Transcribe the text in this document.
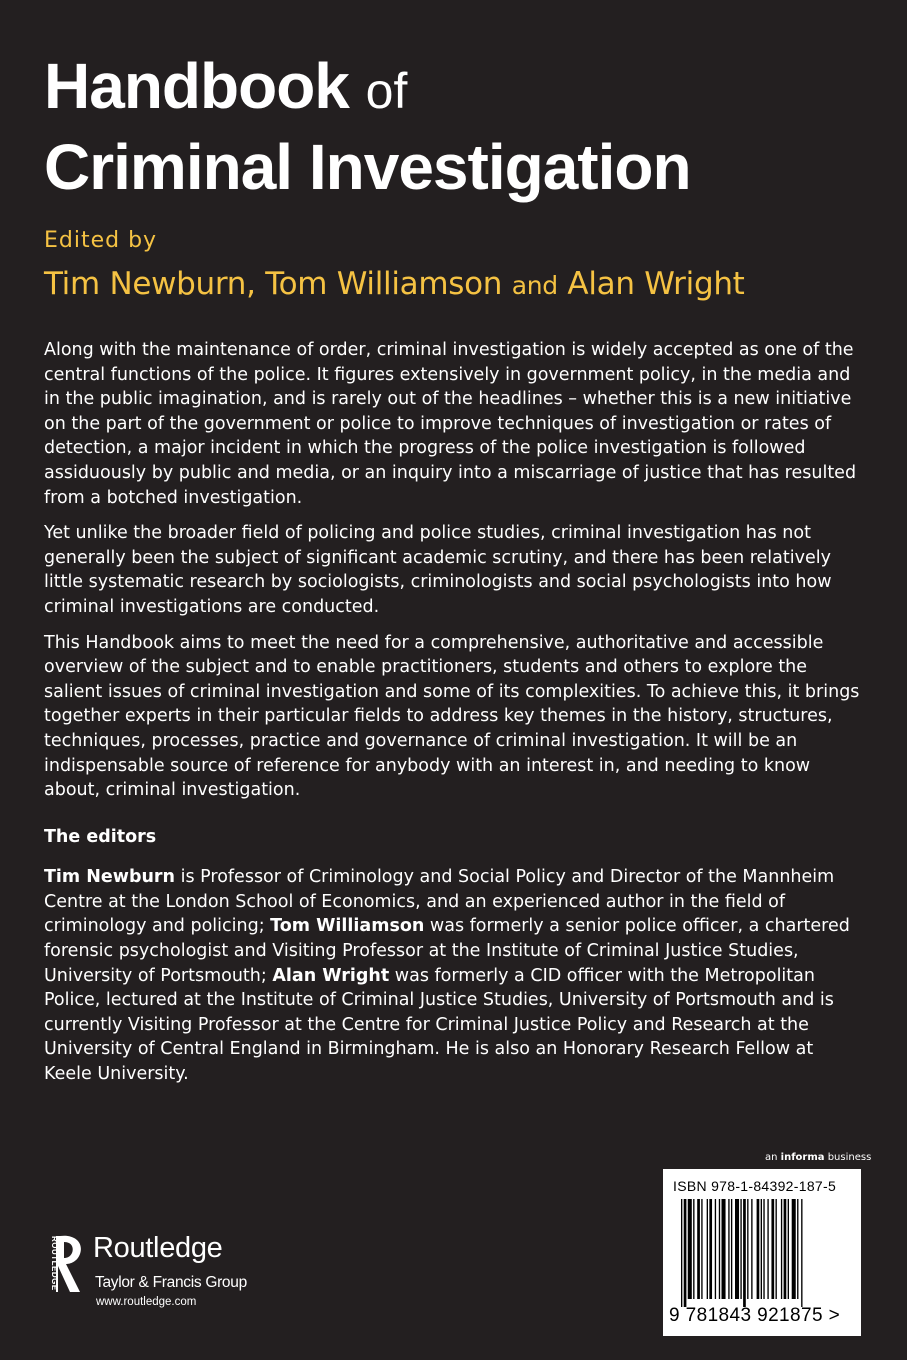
Handbook of
Criminal Investigation
Edited by
Tim Newburn, Tom Williamson and Alan Wright

Along with the maintenance of order, criminal investigation is widely accepted as one of the central functions of the police. It figures extensively in government policy, in the media and in the public imagination, and is rarely out of the headlines – whether this is a new initiative on the part of the government or police to improve techniques of investigation or rates of detection, a major incident in which the progress of the police investigation is followed assiduously by public and media, or an inquiry into a miscarriage of justice that has resulted from a botched investigation.

Yet unlike the broader field of policing and police studies, criminal investigation has not generally been the subject of significant academic scrutiny, and there has been relatively little systematic research by sociologists, criminologists and social psychologists into how criminal investigations are conducted.

This Handbook aims to meet the need for a comprehensive, authoritative and accessible overview of the subject and to enable practitioners, students and others to explore the salient issues of criminal investigation and some of its complexities. To achieve this, it brings together experts in their particular fields to address key themes in the history, structures, techniques, processes, practice and governance of criminal investigation. It will be an indispensable source of reference for anybody with an interest in, and needing to know about, criminal investigation.

The editors

Tim Newburn is Professor of Criminology and Social Policy and Director of the Mannheim Centre at the London School of Economics, and an experienced author in the field of criminology and policing; Tom Williamson was formerly a senior police officer, a chartered forensic psychologist and Visiting Professor at the Institute of Criminal Justice Studies, University of Portsmouth; Alan Wright was formerly a CID officer with the Metropolitan Police, lectured at the Institute of Criminal Justice Studies, University of Portsmouth and is currently Visiting Professor at the Centre for Criminal Justice Policy and Research at the University of Central England in Birmingham. He is also an Honorary Research Fellow at Keele University.

an informa business
ISBN 978-1-84392-187-5
9 781843 921875 >
ROUTLEDGE Routledge
Taylor & Francis Group
www.routledge.com
